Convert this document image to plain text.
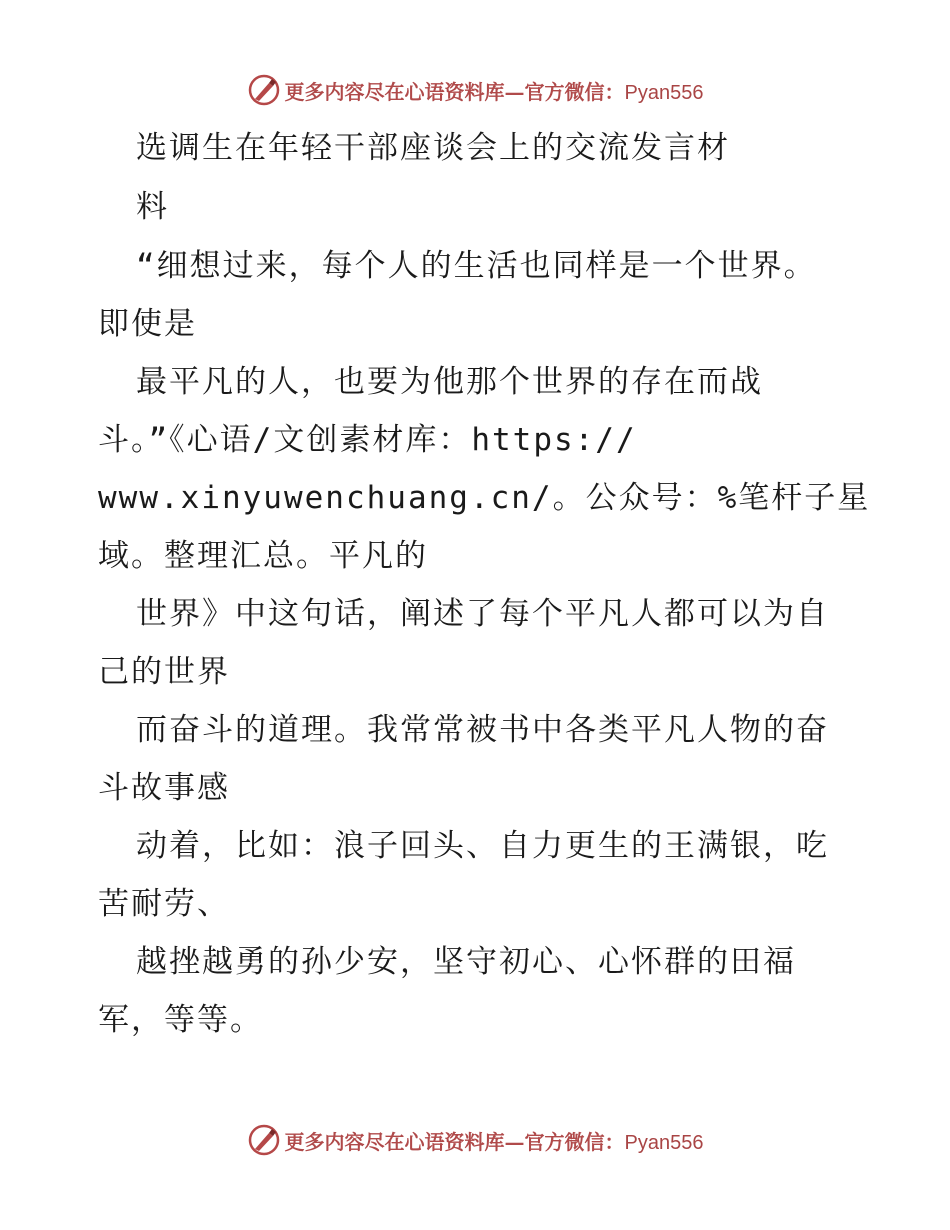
更多内容尽在心语资料库—官方微信：Pyan556
选调生在年轻干部座谈会上的交流发言材
料
“细想过来，每个人的生活也同样是一个世界。
即使是
最平凡的人，也要为他那个世界的存在而战
斗。”《心语/文创素材库：https://
www.xinyuwenchuang.cn/。公众号：%笔杆子星
域。整理汇总。平凡的
世界》中这句话，阐述了每个平凡人都可以为自
己的世界
而奋斗的道理。我常常被书中各类平凡人物的奋
斗故事感
动着，比如：浪子回头、自力更生的王满银，吃
苦耐劳、
越挫越勇的孙少安，坚守初心、心怀群的田福
军，等等。
更多内容尽在心语资料库—官方微信：Pyan556
